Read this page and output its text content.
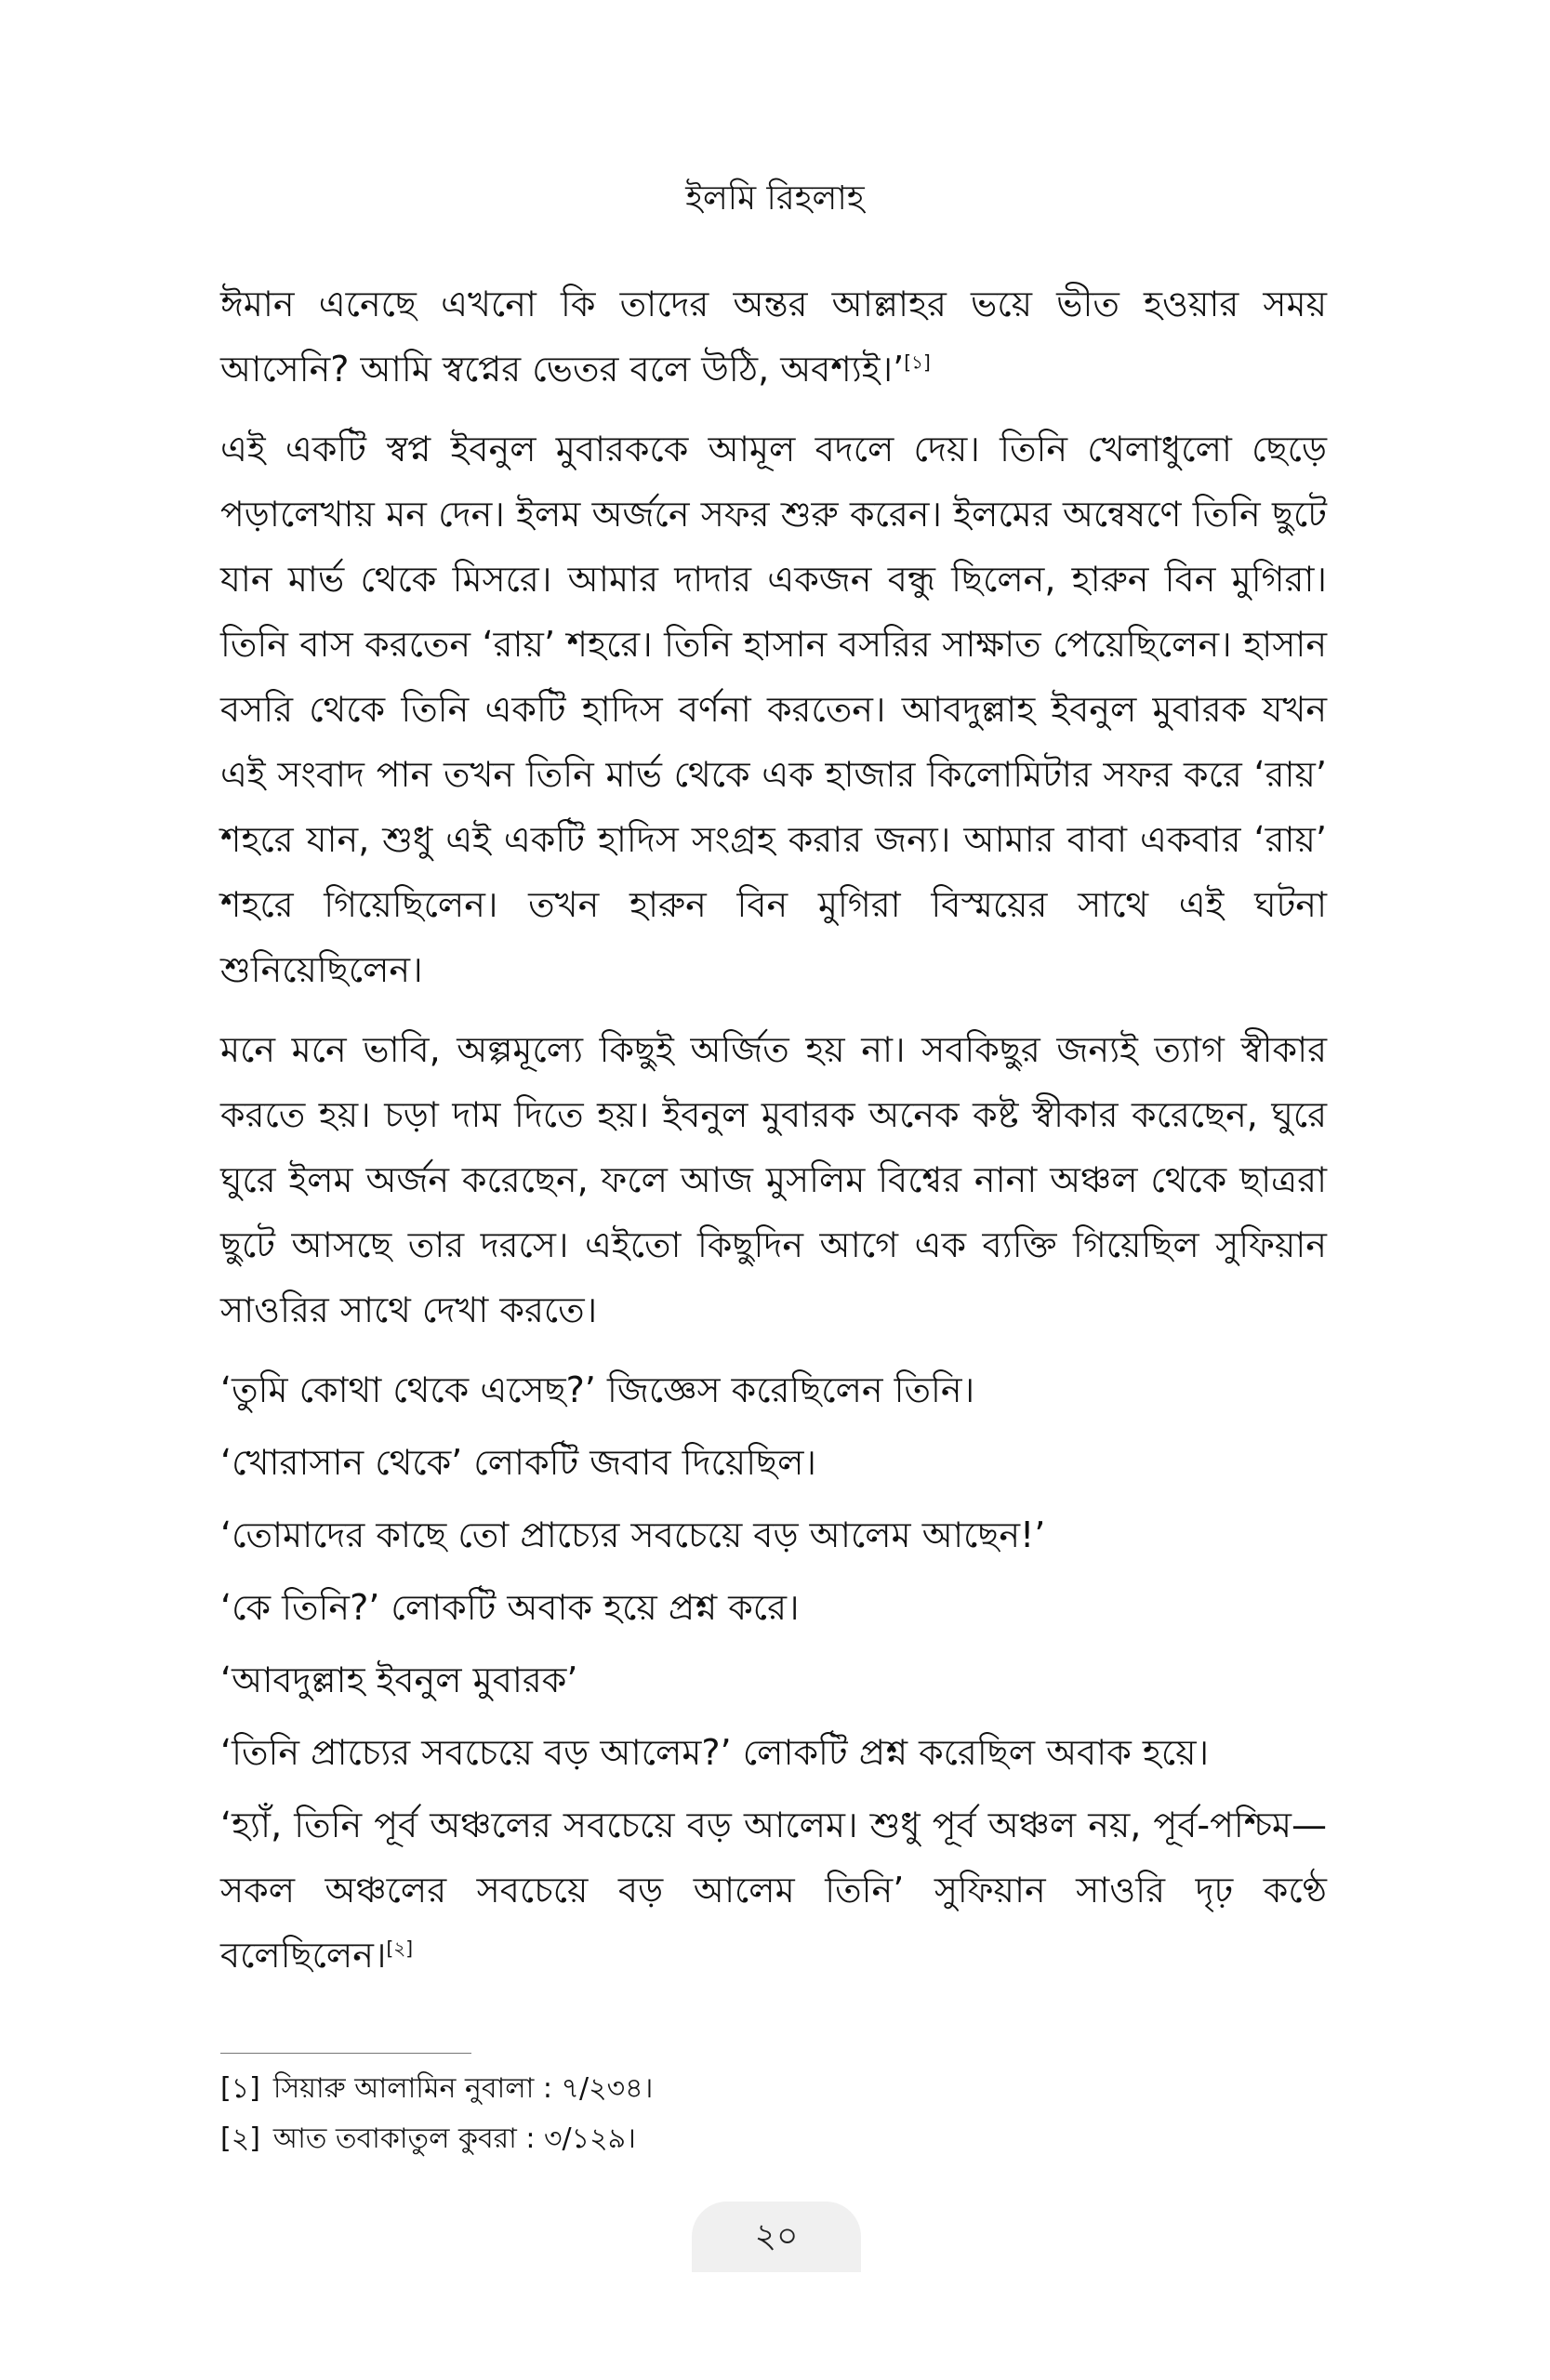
ইলমি রিহলাহ

ঈমান এনেছে এখনো কি তাদের অন্তর আল্লাহর ভয়ে ভীত হওয়ার সময় আসেনি? আমি স্বপ্নের ভেতর বলে উঠি, অবশ্যই।’[১]

এই একটি স্বপ্ন ইবনুল মুবারককে আমূল বদলে দেয়। তিনি খেলাধুলো ছেড়ে পড়ালেখায় মন দেন। ইলম অর্জনে সফর শুরু করেন। ইলমের অন্বেষণে তিনি ছুটে যান মার্ভ থেকে মিসরে। আমার দাদার একজন বন্ধু ছিলেন, হারুন বিন মুগিরা। তিনি বাস করতেন ‘রায়’ শহরে। তিনি হাসান বসরির সাক্ষাত পেয়েছিলেন। হাসান বসরি থেকে তিনি একটি হাদিস বর্ণনা করতেন। আবদুল্লাহ ইবনুল মুবারক যখন এই সংবাদ পান তখন তিনি মার্ভ থেকে এক হাজার কিলোমিটার সফর করে ‘রায়’ শহরে যান, শুধু এই একটি হাদিস সংগ্রহ করার জন্য। আমার বাবা একবার ‘রায়’ শহরে গিয়েছিলেন। তখন হারুন বিন মুগিরা বিস্ময়ের সাথে এই ঘটনা শুনিয়েছিলেন।

মনে মনে ভাবি, অল্পমূল্যে কিছুই অর্জিত হয় না। সবকিছুর জন্যই ত্যাগ স্বীকার করতে হয়। চড়া দাম দিতে হয়। ইবনুল মুবারক অনেক কষ্ট স্বীকার করেছেন, ঘুরে ঘুরে ইলম অর্জন করেছেন, ফলে আজ মুসলিম বিশ্বের নানা অঞ্চল থেকে ছাত্ররা ছুটে আসছে তার দরসে। এইতো কিছুদিন আগে এক ব্যক্তি গিয়েছিল সুফিয়ান সাওরির সাথে দেখা করতে।

‘তুমি কোথা থেকে এসেছ?’ জিজ্ঞেস করেছিলেন তিনি।

‘খোরাসান থেকে’ লোকটি জবাব দিয়েছিল।

‘তোমাদের কাছে তো প্রাচ্যের সবচেয়ে বড় আলেম আছেন!’

‘কে তিনি?’ লোকটি অবাক হয়ে প্রশ্ন করে।

‘আবদুল্লাহ ইবনুল মুবারক’

‘তিনি প্রাচ্যের সবচেয়ে বড় আলেম?’ লোকটি প্রশ্ন করেছিল অবাক হয়ে।

‘হ্যাঁ, তিনি পূর্ব অঞ্চলের সবচেয়ে বড় আলেম। শুধু পূর্ব অঞ্চল নয়, পূর্ব-পশ্চিম—সকল অঞ্চলের সবচেয়ে বড় আলেম তিনি’ সুফিয়ান সাওরি দৃঢ় কণ্ঠে বলেছিলেন।[২]

[১] সিয়ারু আলামিন নুবালা : ৭/২৩৪।
[২] আত তবাকাতুল কুবরা : ৩/১২৯।
২০
